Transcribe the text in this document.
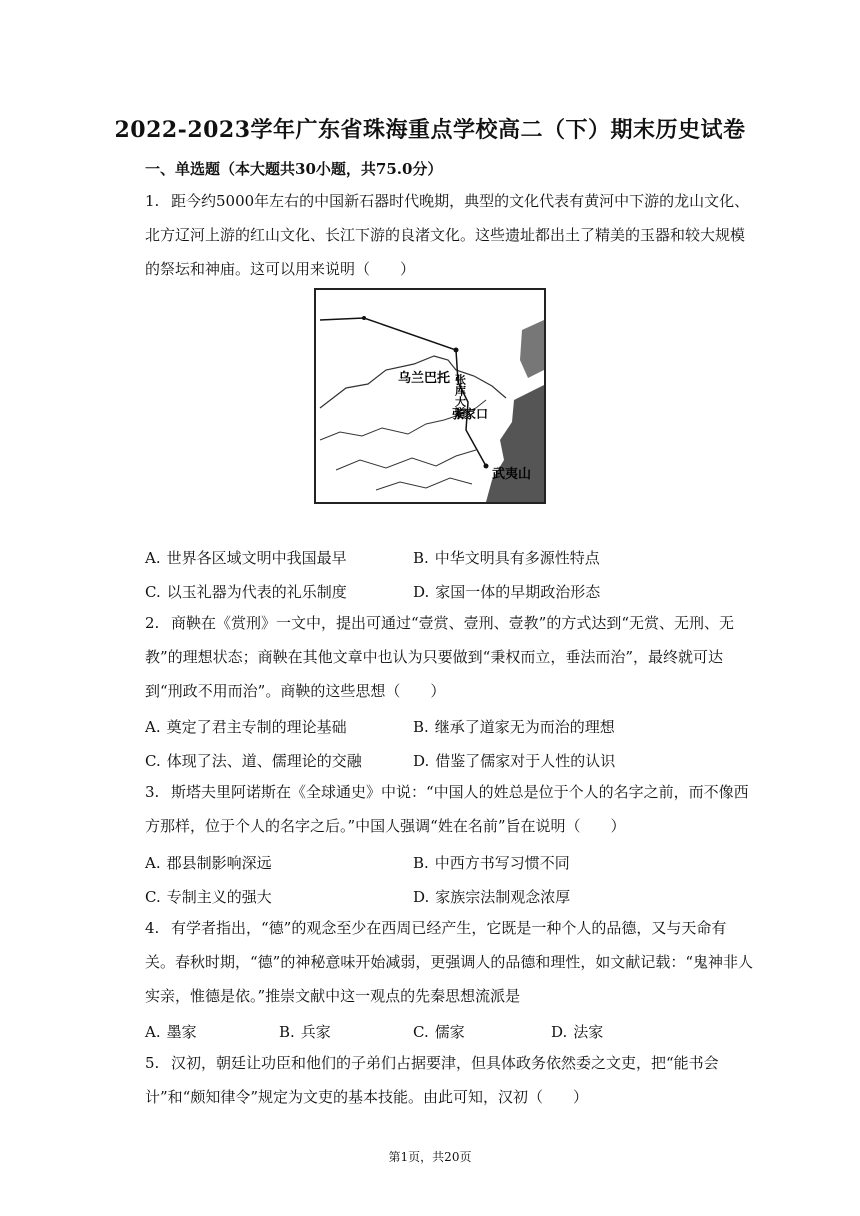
2022-2023学年广东省珠海重点学校高二（下）期末历史试卷
一、单选题（本大题共30小题，共75.0分）
1. 距今约5000年左右的中国新石器时代晚期，典型的文化代表有黄河中下游的龙山文化、北方辽河上游的红山文化、长江下游的良渚文化。这些遗址都出土了精美的玉器和较大规模的祭坛和神庙。这可以用来说明（　　）
乌兰巴托 张库大道
张家口
武夷山
A. 世界各区域文明中我国最早	B. 中华文明具有多源性特点
C. 以玉礼器为代表的礼乐制度	D. 家国一体的早期政治形态
2. 商鞅在《赏刑》一文中，提出可通过“壹赏、壹刑、壹教”的方式达到“无赏、无刑、无教”的理想状态；商鞅在其他文章中也认为只要做到“秉权而立，垂法而治”，最终就可达到“刑政不用而治”。商鞅的这些思想（　　）
A. 奠定了君主专制的理论基础	B. 继承了道家无为而治的理想
C. 体现了法、道、儒理论的交融	D. 借鉴了儒家对于人性的认识
3. 斯塔夫里阿诺斯在《全球通史》中说：“中国人的姓总是位于个人的名字之前，而不像西方那样，位于个人的名字之后。”中国人强调“姓在名前”旨在说明（　　）
A. 郡县制影响深远	B. 中西方书写习惯不同
C. 专制主义的强大	D. 家族宗法制观念浓厚
4. 有学者指出，“德”的观念至少在西周已经产生，它既是一种个人的品德，又与天命有关。春秋时期，“德”的神秘意味开始减弱，更强调人的品德和理性，如文献记载：“鬼神非人实亲，惟德是依。”推崇文献中这一观点的先秦思想流派是
A. 墨家	B. 兵家	C. 儒家	D. 法家
5. 汉初，朝廷让功臣和他们的子弟们占据要津，但具体政务依然委之文吏，把“能书会计”和“颇知律令”规定为文吏的基本技能。由此可知，汉初（　　）
第1页，共20页
